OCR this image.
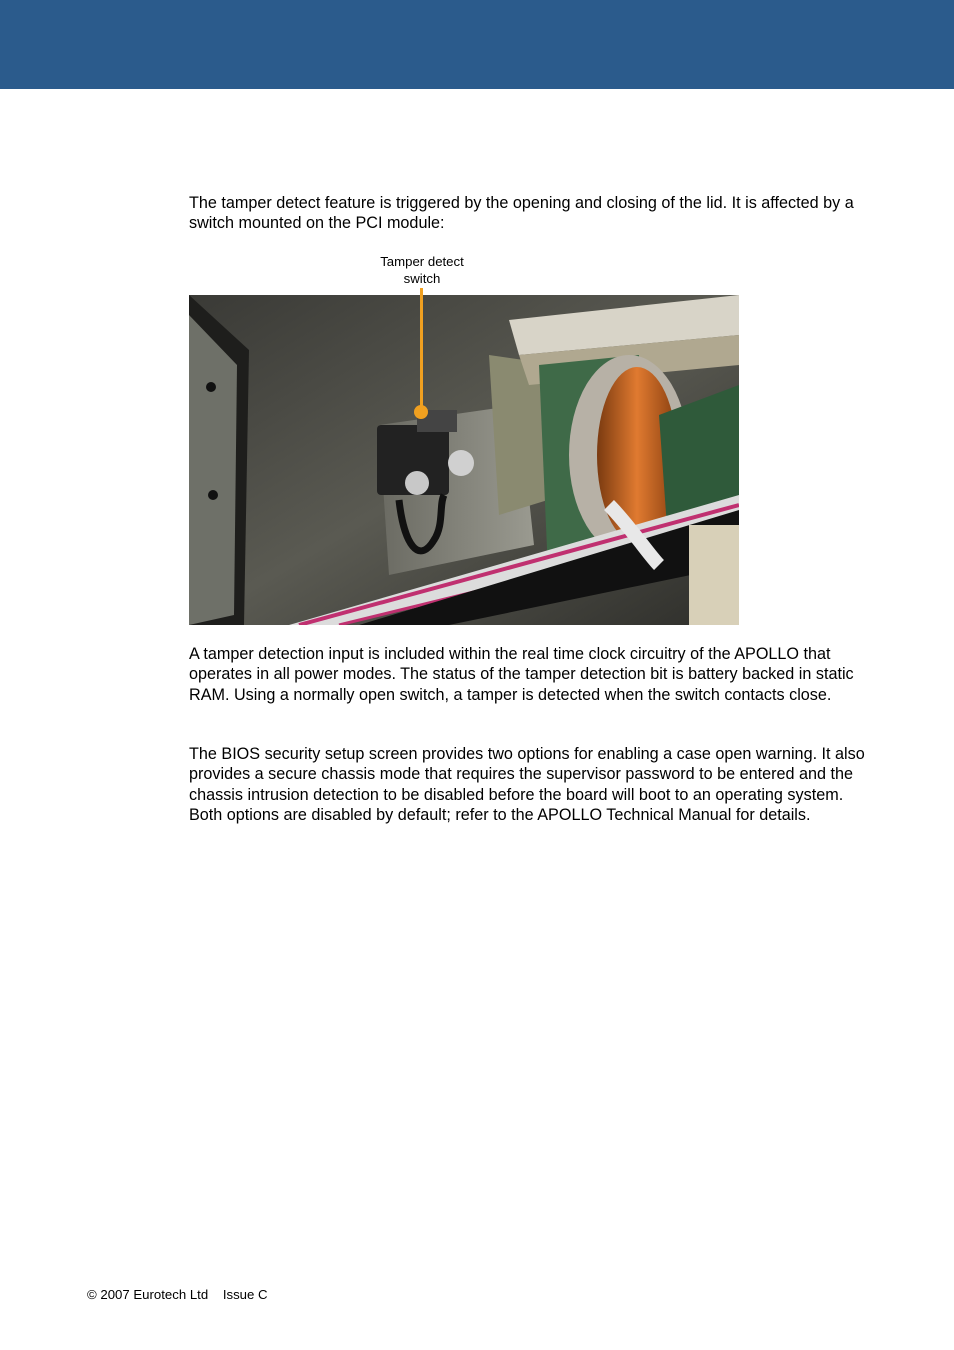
The tamper detect feature is triggered by the opening and closing of the lid. It is affected by a switch mounted on the PCI module:

Tamper detect
switch

A tamper detection input is included within the real time clock circuitry of the APOLLO that operates in all power modes. The status of the tamper detection bit is battery backed in static RAM. Using a normally open switch, a tamper is detected when the switch contacts close.

The BIOS security setup screen provides two options for enabling a case open warning. It also provides a secure chassis mode that requires the supervisor password to be entered and the chassis intrusion detection to be disabled before the board will boot to an operating system. Both options are disabled by default; refer to the APOLLO Technical Manual for details.

© 2007 Eurotech Ltd Issue C
